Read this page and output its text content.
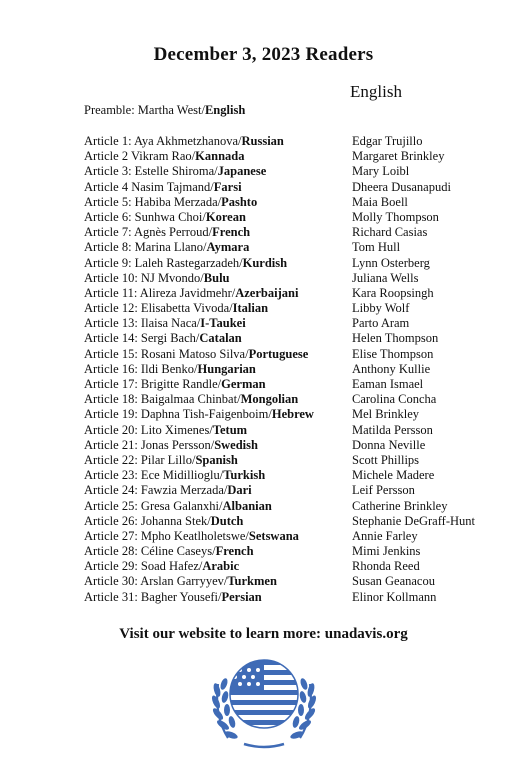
December 3, 2023 Readers
English
Preamble: Martha West/English
Article 1: Aya Akhmetzhanova/Russian	Edgar Trujillo
Article 2 Vikram Rao/Kannada	Margaret Brinkley
Article 3: Estelle Shiroma/Japanese	Mary Loibl
Article 4 Nasim Tajmand/Farsi	Dheera Dusanapudi
Article 5: Habiba Merzada/Pashto	Maia Boell
Article 6: Sunhwa Choi/Korean	Molly Thompson
Article 7: Agnès Perroud/French	Richard Casias
Article 8: Marina Llano/Aymara	Tom Hull
Article 9: Laleh Rastegarzadeh/Kurdish	Lynn Osterberg
Article 10: NJ Mvondo/Bulu	Juliana Wells
Article 11: Alireza Javidmehr/Azerbaijani	Kara Roopsingh
Article 12: Elisabetta Vivoda/Italian	Libby Wolf
Article 13: Ilaisa Naca/I-Taukei	Parto Aram
Article 14: Sergi Bach/Catalan	Helen Thompson
Article 15: Rosani Matoso Silva/Portuguese	Elise Thompson
Article 16: Ildi Benko/Hungarian	Anthony Kullie
Article 17: Brigitte Randle/German	Eaman Ismael
Article 18: Baigalmaa Chinbat/Mongolian	Carolina Concha
Article 19: Daphna Tish-Faigenboim/Hebrew	Mel Brinkley
Article 20: Lito Ximenes/Tetum	Matilda Persson
Article 21: Jonas Persson/Swedish	Donna Neville
Article 22: Pilar Lillo/Spanish	Scott Phillips
Article 23: Ece Midillioglu/Turkish	Michele Madere
Article 24: Fawzia Merzada/Dari	Leif Persson
Article 25: Gresa Galanxhi/Albanian	Catherine Brinkley
Article 26: Johanna Stek/Dutch	Stephanie DeGraff-Hunt
Article 27: Mpho Keatlholetswe/Setswana	Annie Farley
Article 28: Céline Caseys/French	Mimi Jenkins
Article 29: Soad Hafez/Arabic	Rhonda Reed
Article 30: Arslan Garryyev/Turkmen	Susan Geanacou
Article 31: Bagher Yousefi/Persian	Elinor Kollmann
Visit our website to learn more: unadavis.org
